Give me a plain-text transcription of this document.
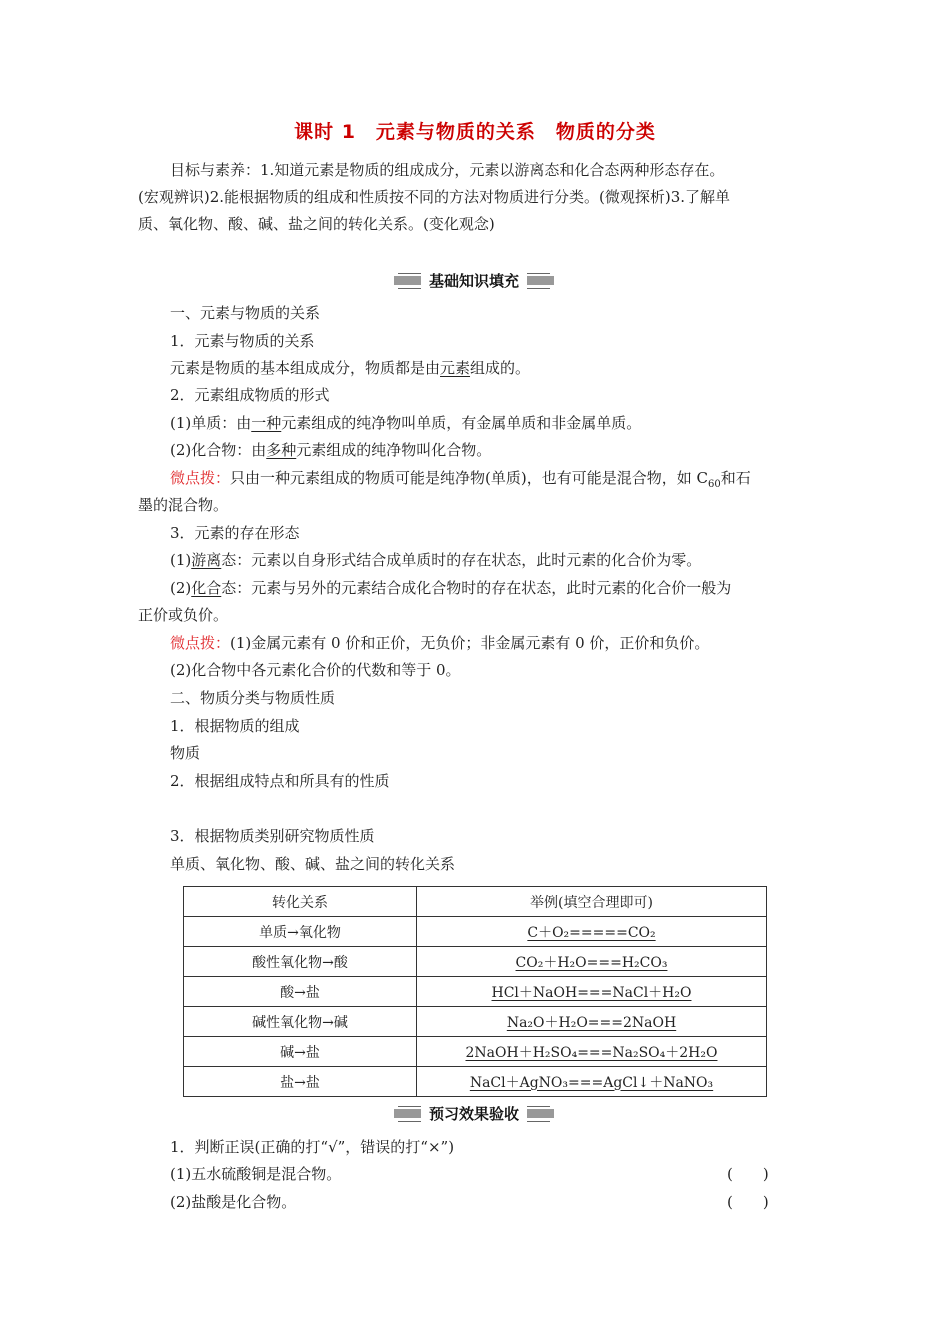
课时 1　元素与物质的关系　物质的分类
目标与素养：1.知道元素是物质的组成成分，元素以游离态和化合态两种形态存在。
(宏观辨识)2.能根据物质的组成和性质按不同的方法对物质进行分类。(微观探析)3.了解单
质、氧化物、酸、碱、盐之间的转化关系。(变化观念)
基础知识填充
一、元素与物质的关系
1．元素与物质的关系
元素是物质的基本组成成分，物质都是由元素组成的。
2．元素组成物质的形式
(1)单质：由一种元素组成的纯净物叫单质，有金属单质和非金属单质。
(2)化合物：由多种元素组成的纯净物叫化合物。
微点拨：只由一种元素组成的物质可能是纯净物(单质)，也有可能是混合物，如 $C_{60}$和石
墨的混合物。
3．元素的存在形态
(1)游离态：元素以自身形式结合成单质时的存在状态，此时元素的化合价为零。
(2)化合态：元素与另外的元素结合成化合物时的存在状态，此时元素的化合价一般为
正价或负价。
微点拨：(1)金属元素有 0 价和正价，无负价；非金属元素有 0 价，正价和负价。
(2)化合物中各元素化合价的代数和等于 0。
二、物质分类与物质性质
1．根据物质的组成
物质
2．根据组成特点和所具有的性质
3．根据物质类别研究物质性质
单质、氧化物、酸、碱、盐之间的转化关系
转化关系	举例(填空合理即可)
单质→氧化物	C＋O₂=====CO₂
酸性氧化物→酸	CO₂＋H₂O===H₂CO₃
酸→盐	HCl＋NaOH===NaCl＋H₂O
碱性氧化物→碱	Na₂O＋H₂O===2NaOH
碱→盐	2NaOH＋H₂SO₄===Na₂SO₄＋2H₂O
盐→盐	NaCl＋AgNO₃===AgCl↓＋NaNO₃
预习效果验收
1．判断正误(正确的打“√”，错误的打“×”)
(1)五水硫酸铜是混合物。	(　　)
(2)盐酸是化合物。	(　　)
